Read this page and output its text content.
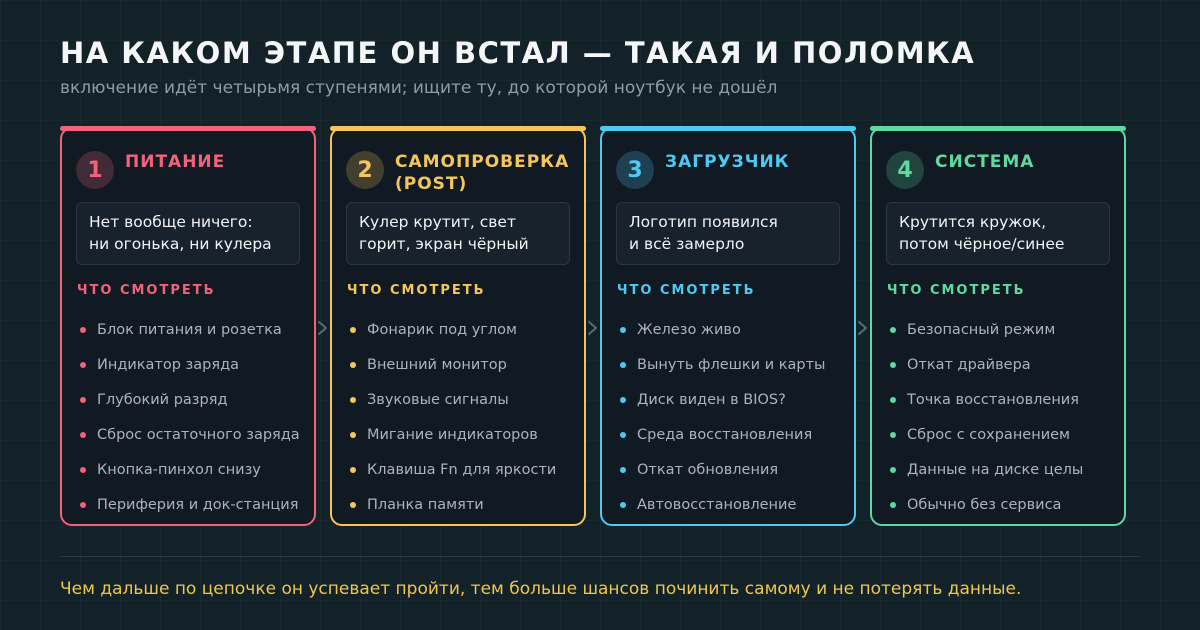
НА КАКОМ ЭТАПЕ ОН ВСТАЛ — ТАКАЯ И ПОЛОМКА
включение идёт четырьмя ступенями; ищите ту, до которой ноутбук не дошёл
1	ПИТАНИЕ
Нет вообще ничего:
ни огонька, ни кулера
ЧТО СМОТРЕТЬ
Блок питания и розетка
Индикатор заряда
Глубокий разряд
Сброс остаточного заряда
Кнопка-пинхол снизу
Периферия и док-станция
2	САМОПРОВЕРКА (POST)
Кулер крутит, свет
горит, экран чёрный
ЧТО СМОТРЕТЬ
Фонарик под углом
Внешний монитор
Звуковые сигналы
Мигание индикаторов
Клавиша Fn для яркости
Планка памяти
3	ЗАГРУЗЧИК
Логотип появился
и всё замерло
ЧТО СМОТРЕТЬ
Железо живо
Вынуть флешки и карты
Диск виден в BIOS?
Среда восстановления
Откат обновления
Автовосстановление
4	СИСТЕМА
Крутится кружок,
потом чёрное/синее
ЧТО СМОТРЕТЬ
Безопасный режим
Откат драйвера
Точка восстановления
Сброс с сохранением
Данные на диске целы
Обычно без сервиса
Чем дальше по цепочке он успевает пройти, тем больше шансов починить самому и не потерять данные.
